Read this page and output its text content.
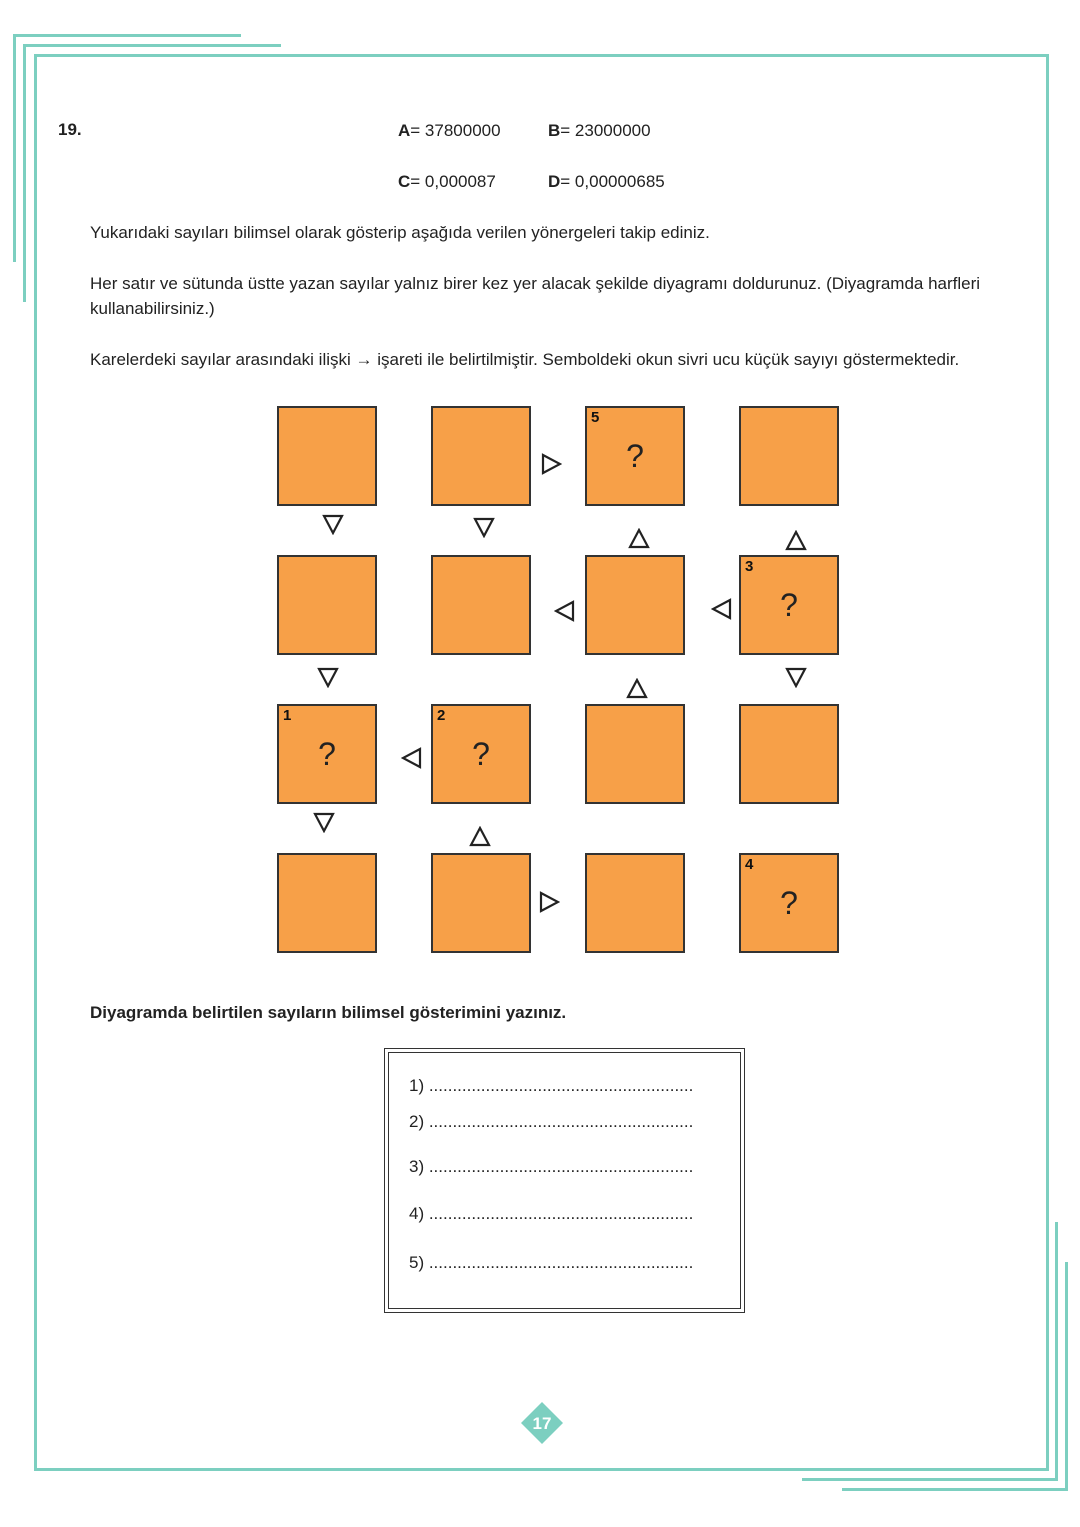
19.	A= 37800000	B= 23000000
C= 0,000087	D= 0,00000685
Yukarıdaki sayıları bilimsel olarak gösterip aşağıda verilen yönergeleri takip ediniz.
Her satır ve sütunda üstte yazan sayılar yalnız birer kez yer alacak şekilde diyagramı doldurunuz. (Diyagramda harfleri kullanabilirsiniz.)
Karelerdeki sayılar arasındaki ilişki → işareti ile belirtilmiştir. Semboldeki okun sivri ucu küçük sayıyı göstermektedir.
5
?
3
?
1
?
2
?
4
?
Diyagramda belirtilen sayıların bilimsel gösterimini yazınız.
1) ........................................................
2) ........................................................
3) ........................................................
4) ........................................................
5) ........................................................
17
